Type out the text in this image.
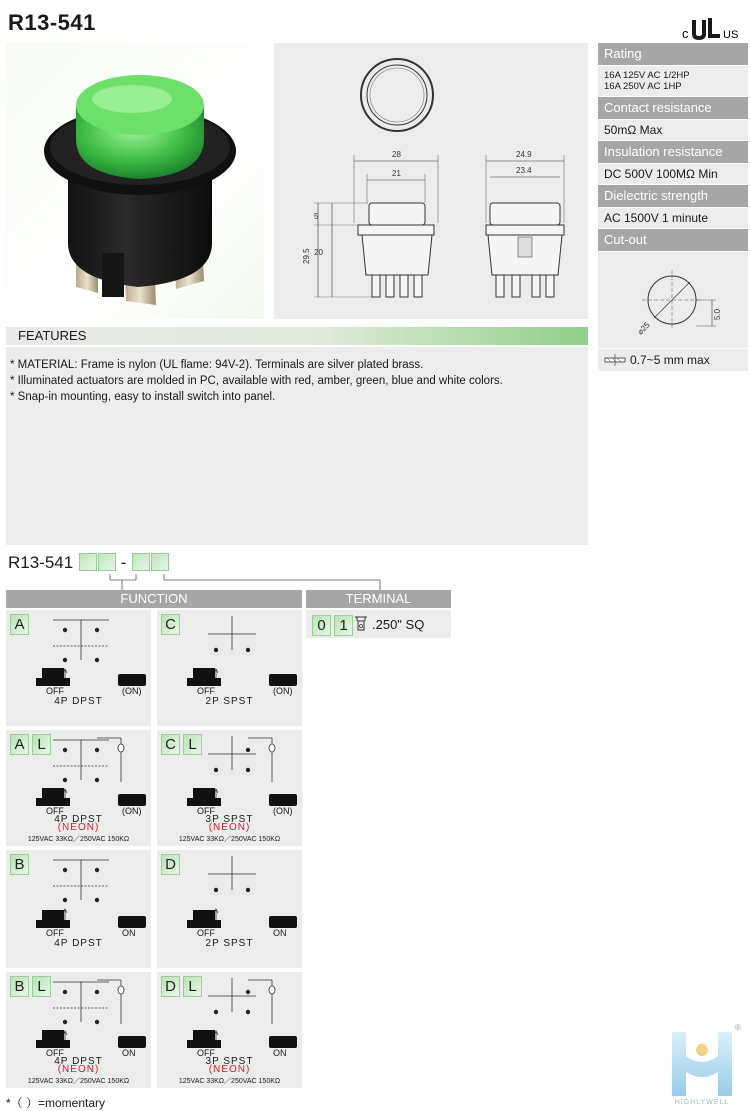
R13-541	c	US
28
21
29.5
5
20
24.9
23.4
Rating
16A 125V AC 1/2HP
16A 250V AC 1HP
Contact resistance
50mΩ Max
Insulation resistance
DC 500V 100MΩ Min
Dielectric strength
AC 1500V 1 minute
Cut-out
⌀25
5.0
0.7~5 mm max
FEATURES
* MATERIAL: Frame is nylon (UL flame: 94V-2). Terminals are silver plated brass.
* Illuminated actuators are molded in PC, available with red, amber, green, blue and white colors.
* Snap-in mounting, easy to install switch into panel.
R13-541	-
FUNCTION	TERMINAL
0 1	.250" SQ
A
OFF	(ON)
4P DPST
C
OFF	(ON)
2P SPST
A L
OFF	(ON)
4P DPST
(NEON)
125VAC 33KΩ／250VAC 150KΩ
C L
OFF	(ON)
3P SPST
(NEON)
125VAC 33KΩ／250VAC 150KΩ
B
OFF	ON
4P DPST
D
OFF	ON
2P SPST
B L
OFF	ON
4P DPST
(NEON)
125VAC 33KΩ／250VAC 150KΩ
D L
OFF	ON
3P SPST
(NEON)
125VAC 33KΩ／250VAC 150KΩ
*（ ）=momentary
®
HIGHLYWELL
